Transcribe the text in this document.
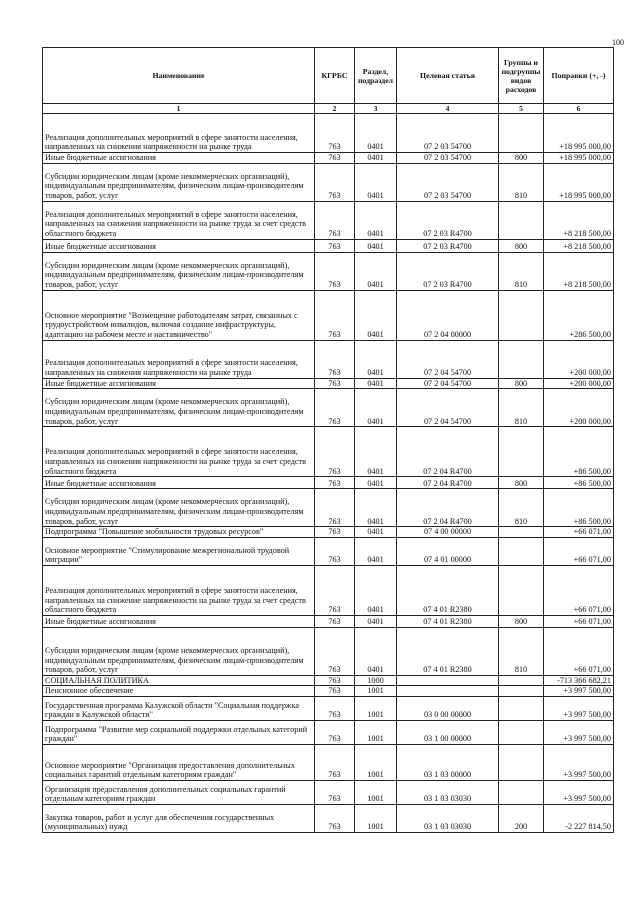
100
Наименование	КГРБС	Раздел, подраздел	Целевая статья	Группы и подгруппы видов расходов	Поправки (+, -)
1	2	3	4	5	6
Реализация дополнительных мероприятий в сфере занятости населения, направленных на снижения напряженности на рынке труда	763	0401	07 2 03 54700		+18 995 000,00
Иные бюджетные ассигнования	763	0401	07 2 03 54700	800	+18 995 000,00
Субсидии юридическим лицам (кроме некоммерческих организаций), индивидуальным предпринимателям, физическим лицам-производителям товаров, работ, услуг	763	0401	07 2 03 54700	810	+18 995 000,00
Реализация дополнительных мероприятий в сфере занятости населения, направленных на снижения напряженности на рынке труда за счет средств областного бюджета	763	0401	07 2 03 R4700		+8 218 500,00
Иные бюджетные ассигнования	763	0401	07 2 03 R4700	800	+8 218 500,00
Субсидии юридическим лицам (кроме некоммерческих организаций), индивидуальным предпринимателям, физическим лицам-производителям товаров, работ, услуг	763	0401	07 2 03 R4700	810	+8 218 500,00
Основное мероприятие "Возмещение работодателям затрат, связанных с трудоустройством инвалидов, включая создание инфраструктуры, адаптацию на рабочем месте и наставничество"	763	0401	07 2 04 00000		+286 500,00
Реализация дополнительных мероприятий в сфере занятости населения, направленных на снижения напряженности на рынке труда	763	0401	07 2 04 54700		+200 000,00
Иные бюджетные ассигнования	763	0401	07 2 04 54700	800	+200 000,00
Субсидии юридическим лицам (кроме некоммерческих организаций), индивидуальным предпринимателям, физическим лицам-производителям товаров, работ, услуг	763	0401	07 2 04 54700	810	+200 000,00
Реализация дополнительных мероприятий в сфере занятости населения, направленных на снижения напряженности на рынке труда за счет средств областного бюджета	763	0401	07 2 04 R4700		+86 500,00
Иные бюджетные ассигнования	763	0401	07 2 04 R4700	800	+86 500,00
Субсидии юридическим лицам (кроме некоммерческих организаций), индивидуальным предпринимателям, физическим лицам-производителям товаров, работ, услуг	763	0401	07 2 04 R4700	810	+86 500,00
Подпрограмма "Повышение мобильности трудовых ресурсов"	763	0401	07 4 00 00000		+66 071,00
Основное мероприятие "Стимулирование межрегиональной трудовой миграции"	763	0401	07 4 01 00000		+66 071,00
Реализация дополнительных мероприятий в сфере занятости населения, направленных на снижение напряженности на рынке труда за счет средств областного бюджета	763	0401	07 4 01 R2380		+66 071,00
Иные бюджетные ассигнования	763	0401	07 4 01 R2380	800	+66 071,00
Субсидии юридическим лицам (кроме некоммерческих организаций), индивидуальным предпринимателям, физическим лицам-производителям товаров, работ, услуг	763	0401	07 4 01 R2380	810	+66 071,00
СОЦИАЛЬНАЯ ПОЛИТИКА	763	1000			-713 366 682,21
Пенсионное обеспечение	763	1001			+3 997 500,00
Государственная программа Калужской области "Социальная поддержка граждан в Калужской области"	763	1001	03 0 00 00000		+3 997 500,00
Подпрограмма "Развитие мер социальной поддержки отдельных категорий граждан"	763	1001	03 1 00 00000		+3 997 500,00
Основное мероприятие "Организация предоставления дополнительных социальных гарантий отдельным категориям граждан"	763	1001	03 1 03 00000		+3 997 500,00
Организация предоставления дополнительных социальных гарантий отдельным категориям граждан	763	1001	03 1 03 03030		+3 997 500,00
Закупка товаров, работ и услуг для обеспечения государственных (муниципальных) нужд	763	1001	03 1 03 03030	200	-2 227 814,50
